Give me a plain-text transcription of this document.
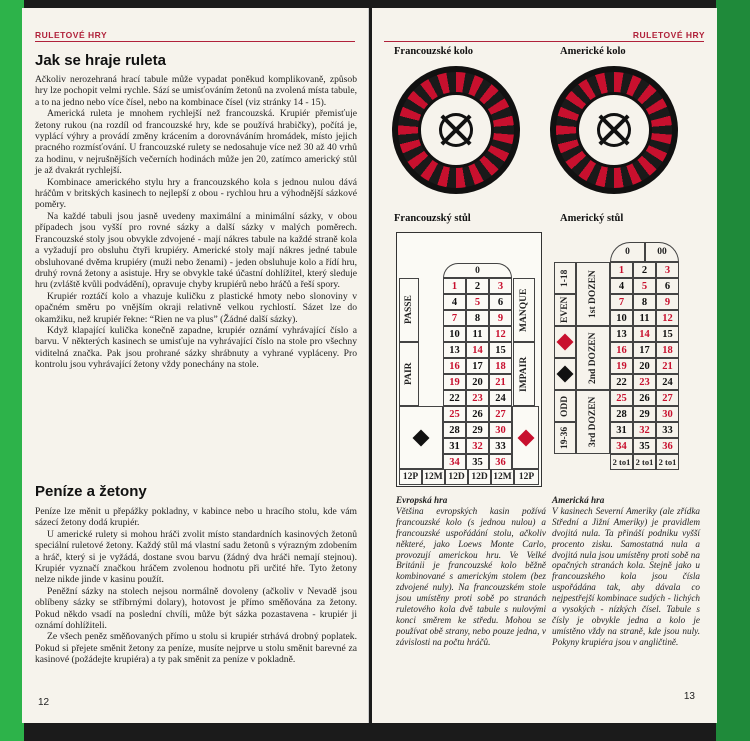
RULETOVÉ HRY
Jak se hraje ruleta

Ačkoliv nerozehraná hrací tabule může vypadat poněkud komplikovaně, způsob hry lze pochopit velmi rychle. Sází se umisťováním žetonů na zvolená místa tabule, a to na jedno nebo více čísel, nebo na kombinace čísel (viz stránky 14 - 15).

Americká ruleta je mnohem rychlejší než francouzská. Krupiér přemisťuje žetony rukou (na rozdíl od francouzské hry, kde se používá hrabičky), počítá je, vyplácí výhry a provádí změny krácením a dorovnáváním hromádek, místo jejich pracného rozmísťování. U francouzské rulety se nedosahuje více než 30 až 40 vrhů za hodinu, v nejrušnějších večerních hodinách může jen 20, zatímco americký stůl je až dvakrát rychlejší.

Kombinace amerického stylu hry a francouzského kola s jednou nulou dává hráčům v britských kasinech to nejlepší z obou - rychlou hru a výhodnější sázkové poměry.

Na každé tabuli jsou jasně uvedeny maximální a minimální sázky, v obou případech jsou vyšší pro rovné sázky a další sázky v malých poměrech. Francouzské stoly jsou obvykle zdvojené - mají nákres tabule na každé straně kola a vyžadují pro obsluhu čtyři krupiéry. Americké stoly mají nákres jedné tabule obsluhované dvěma krupiéry (muži nebo ženami) - jeden obsluhuje kolo a řídí hru, druhý rovná žetony a asistuje. Hry se obvykle také účastní dohlížitel, který sleduje hru (zvláště kvůli podvádění), opravuje chyby krupiérů nebo hráčů a řeší spory.

Krupiér roztáčí kolo a vhazuje kuličku z plastické hmoty nebo slonoviny v opačném směru po vnějším okraji relativně velkou rychlostí. Sázet lze do okamžiku, než krupiér řekne: “Rien ne va plus” (Žádné další sázky).

Když klapající kulička konečně zapadne, krupiér oznámí vyhrávající číslo a barvu. V některých kasinech se umisťuje na vyhrávající číslo na stole pro všechny viditelná značka. Pak jsou prohrané sázky shrábnuty a vyhrané vypláceny. Pro kontrolu jsou vyhrávající žetony vždy ponechány na stole.

Peníze a žetony

Peníze lze měnit u přepážky pokladny, v kabince nebo u hracího stolu, kde vám sázecí žetony dodá krupiér.

U americké rulety si mohou hráči zvolit místo standardních kasinových žetonů speciální ruletové žetony. Každý stůl má vlastní sadu žetonů s výrazným zdobením a hráč, který si je vyžádá, dostane svou barvu (žádný dva hráči nemají stejnou). Krupiér vyznačí značkou hráčem zvolenou hodnotu při určité hře. Tyto žetony nelze nikde jinde v kasinu použít.

Peněžní sázky na stolech nejsou normálně dovoleny (ačkoliv v Nevadě jsou oblíbeny sázky se stříbrnými dolary), hotovost je přímo směňována za žetony. Pokud někdo vsadí na poslední chvíli, může být sázka pozastavena - krupiér ji oznámí dohlížiteli.

Ze všech peněz směňovaných přímo u stolu si krupiér strhává drobný poplatek. Pokud si přejete směnit žetony za peníze, musíte nejprve u stolu směnit barevné za kasinové (požádejte krupiéra) a ty pak směnit za peníze v pokladně.

12
RULETOVÉ HRY
Francouzské kolo	Americké kolo
Francouzský stůl	Americký stůl
0
1	2	3
4	5	6
7	8	9
10	11	12
13	14	15
16	17	18
19	20	21
22	23	24
25	26	27
28	29	30
31	32	33
34	35	36
PASSE
PAIR
MANQUE
IMPAIR
12P 12M 12D 12D 12M 12P
0	00
1	2	3
4	5	6
7	8	9
10	11	12
13	14	15
16	17	18
19	20	21
22	23	24
25	26	27
28	29	30
31	32	33
34	35	36
1-18
EVEN
ODD
19-36
1st DOZEN
2nd DOZEN
3rd DOZEN
2 to1 2 to1 2 to1
Evropská hra
Většina evropských kasin požívá francouzské kolo (s jednou nulou) a francouzské uspořádání stolu, ačkoliv některé, jako Loews Monte Carlo, provozují americkou hru. Ve Velké Británii je francouzské kolo běžně kombinované s americkým stolem (bez zdvojené nuly). Na francouzském stole jsou umístěny proti sobě po stranách ruletového kola dvě tabule s nulovými konci směrem ke středu. Mohou se používat obě strany, nebo pouze jedna, v závislosti na počtu hráčů.
Americká hra
V kasinech Severní Ameriky (ale zřídka Střední a Jižní Ameriky) je pravidlem dvojitá nula. Ta přináší podniku vyšší procento zisku. Samostatná nula a dvojitá nula jsou umístěny proti sobě na opačných stranách kola. Stejně jako u francouzského kola jsou čísla uspořádána tak, aby dávala co nejpestřejší kombinace sudých - lichých a vysokých - nízkých čísel. Tabule s čísly je obvykle jedna a kolo je umístěno vždy na straně, kde jsou nuly. Pokyny krupiéra jsou v angličtině.
13
